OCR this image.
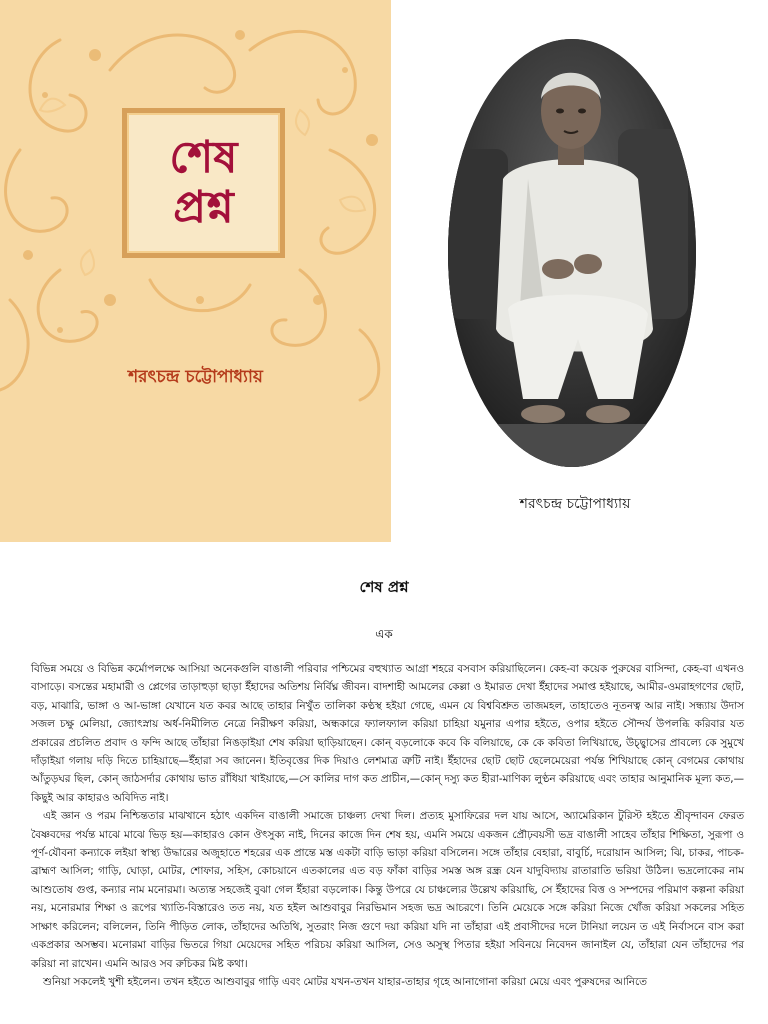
শেষ
প্রশ্ন
শরৎচন্দ্র চট্টোপাধ্যায়
শরৎচন্দ্র চট্টোপাধ্যায়
শেষ প্রশ্ন
এক

বিভিন্ন সময়ে ও বিভিন্ন কর্মোপলক্ষে আসিয়া অনেকগুলি বাঙালী পরিবার পশ্চিমের বহুখ্যাত আগ্রা শহরে বসবাস করিয়াছিলেন। কেহ-বা কয়েক পুরুষের বাসিন্দা, কেহ-বা এখনও বাসাড়ে। বসন্তের মহামারী ও প্লেগের তাড়াহুড়া ছাড়া ইঁহাদের অতিশয় নির্বিঘ্ন জীবন। বাদশাহী আমলের কেল্লা ও ইমারত দেখা ইঁহাদের সমাপ্ত হইয়াছে, আমীর-ওমরাহগণের ছোট, বড়, মাঝারি, ভাঙ্গা ও আ-ভাঙ্গা যেখানে যত কবর আছে তাহার নিখুঁত তালিকা কণ্ঠস্থ হইয়া গেছে, এমন যে বিশ্ববিশ্রুত তাজমহল, তাহাতেও নূতনত্ব আর নাই। সন্ধ্যায় উদাস সজল চক্ষু মেলিয়া, জ্যোৎস্নায় অর্ধ-নিমীলিত নেত্রে নিরীক্ষণ করিয়া, অন্ধকারে ফ্যালফ্যাল করিয়া চাহিয়া যমুনার এপার হইতে, ওপার হইতে সৌন্দর্য উপলব্ধি করিবার যত প্রকারের প্রচলিত প্রবাদ ও ফন্দি আছে তাঁহারা নিঙড়াইয়া শেষ করিয়া ছাড়িয়াছেন। কোন্ বড়লোকে কবে কি বলিয়াছে, কে কে কবিতা লিখিয়াছে, উচ্ছ্বাসের প্রাবল্যে কে সুমুখে দাঁড়াইয়া গলায় দড়ি দিতে চাহিয়াছে—ইঁহারা সব জানেন। ইতিবৃত্তের দিক দিয়াও লেশমাত্র ত্রুটি নাই। ইঁহাদের ছোট ছোট ছেলেমেয়েরা পর্যন্ত শিখিয়াছে কোন্ বেগমের কোথায় আঁতুড়ঘর ছিল, কোন্ জাঠসর্দার কোথায় ভাত রাঁধিয়া খাইয়াছে,—সে কালির দাগ কত প্রাচীন,—কোন্ দস্যু কত হীরা-মাণিক্য লুণ্ঠন করিয়াছে এবং তাহার আনুমানিক মূল্য কত,—কিছুই আর কাহারও অবিদিত নাই।

এই জ্ঞান ও পরম নিশ্চিন্ততার মাঝখানে হঠাৎ একদিন বাঙালী সমাজে চাঞ্চল্য দেখা দিল। প্রত্যহ মুসাফিরের দল যায় আসে, অ্যামেরিকান টুরিস্ট হইতে শ্রীবৃন্দাবন ফেরত বৈষ্ণবদের পর্যন্ত মাঝে মাঝে ভিড় হয়—কাহারও কোন ঔৎসুক্য নাই, দিনের কাজে দিন শেষ হয়, এমনি সময়ে একজন প্রৌঢ়বয়সী ভদ্র বাঙালী সাহেব তাঁহার শিক্ষিতা, সুরূপা ও পূর্ণ-যৌবনা কন্যাকে লইয়া স্বাস্থ্য উদ্ধারের অজুহাতে শহরের এক প্রান্তে মস্ত একটা বাড়ি ভাড়া করিয়া বসিলেন। সঙ্গে তাঁহার বেহারা, বাবুর্চি, দরোয়ান আসিল; ঝি, চাকর, পাচক-ব্রাহ্মণ আসিল; গাড়ি, ঘোড়া, মোটর, শোফার, সহিস, কোচয়ানে এতকালের এত বড় ফাঁকা বাড়ির সমস্ত অঙ্গ রন্ধ্র যেন যাদুবিদ্যায় রাতারাতি ভরিয়া উঠিল। ভদ্রলোকের নাম আশুতোষ গুপ্ত, কন্যার নাম মনোরমা। অত্যন্ত সহজেই বুঝা গেল ইঁহারা বড়লোক। কিন্তু উপরে যে চাঞ্চল্যের উল্লেখ করিয়াছি, সে ইঁহাদের বিত্ত ও সম্পদের পরিমাণ কল্পনা করিয়া নয়, মনোরমার শিক্ষা ও রূপের খ্যাতি-বিস্তারেও তত নয়, যত হইল আশুবাবুর নিরভিমান সহজ ভদ্র আচরণে। তিনি মেয়েকে সঙ্গে করিয়া নিজে খোঁজ করিয়া সকলের সহিত সাক্ষাৎ করিলেন; বলিলেন, তিনি পীড়িত লোক, তাঁহাদের অতিথি, সুতরাং নিজ গুণে দয়া করিয়া যদি না তাঁহারা এই প্রবাসীদের দলে টানিয়া লয়েন ত এই নির্বাসনে বাস করা একপ্রকার অসম্ভব। মনোরমা বাড়ির ভিতরে গিয়া মেয়েদের সহিত পরিচয় করিয়া আসিল, সেও অসুস্থ পিতার হইয়া সবিনয়ে নিবেদন জানাইল যে, তাঁহারা যেন তাঁহাদের পর করিয়া না রাখেন। এমনি আরও সব রুচিকর মিষ্ট কথা।

শুনিয়া সকলেই খুশী হইলেন। তখন হইতে আশুবাবুর গাড়ি এবং মোটর যখন-তখন যাহার-তাহার গৃহে আনাগোনা করিয়া মেয়ে এবং পুরুষদের আনিতে
